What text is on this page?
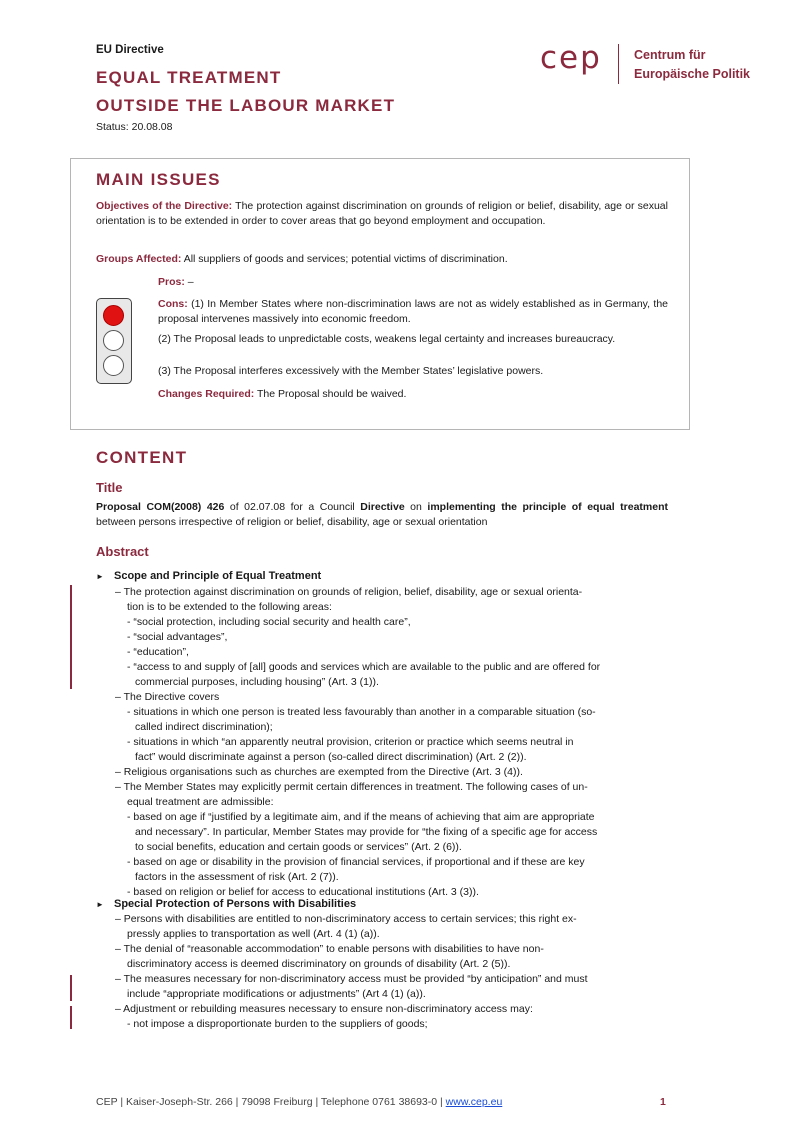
EU Directive
EQUAL TREATMENT
OUTSIDE THE LABOUR MARKET
Status: 20.08.08
cep	Centrum für
Europäische Politik
MAIN ISSUES
Objectives of the Directive: The protection against discrimination on grounds of religion or belief, disability, age or sexual orientation is to be extended in order to cover areas that go beyond employment and occupation.
Groups Affected: All suppliers of goods and services; potential victims of discrimination.
Pros: –
Cons: (1) In Member States where non-discrimination laws are not as widely established as in Germany, the proposal intervenes massively into economic freedom.
(2) The Proposal leads to unpredictable costs, weakens legal certainty and increases bureaucracy.
(3) The Proposal interferes excessively with the Member States’ legislative powers.
Changes Required: The Proposal should be waived.
CONTENT
Title
Proposal COM(2008) 426 of 02.07.08 for a Council Directive on implementing the principle of equal treatment between persons irrespective of religion or belief, disability, age or sexual orientation
Abstract
► Scope and Principle of Equal Treatment
– The protection against discrimination on grounds of religion, belief, disability, age or sexual orienta-
tion is to be extended to the following areas:
- “social protection, including social security and health care”,
- “social advantages”,
- “education”,
- “access to and supply of [all] goods and services which are available to the public and are offered for
commercial purposes, including housing” (Art. 3 (1)).
– The Directive covers
- situations in which one person is treated less favourably than another in a comparable situation (so-
called indirect discrimination);
- situations in which “an apparently neutral provision, criterion or practice which seems neutral in
fact” would discriminate against a person (so-called direct discrimination) (Art. 2 (2)).
– Religious organisations such as churches are exempted from the Directive (Art. 3 (4)).
– The Member States may explicitly permit certain differences in treatment. The following cases of un-
equal treatment are admissible:
- based on age if “justified by a legitimate aim, and if the means of achieving that aim are appropriate
and necessary”. In particular, Member States may provide for “the fixing of a specific age for access
to social benefits, education and certain goods or services” (Art. 2 (6)).
- based on age or disability in the provision of financial services, if proportional and if these are key
factors in the assessment of risk (Art. 2 (7)).
- based on religion or belief for access to educational institutions (Art. 3 (3)).
► Special Protection of Persons with Disabilities
– Persons with disabilities are entitled to non-discriminatory access to certain services; this right ex-
pressly applies to transportation as well (Art. 4 (1) (a)).
– The denial of “reasonable accommodation” to enable persons with disabilities to have non-
discriminatory access is deemed discriminatory on grounds of disability (Art. 2 (5)).
– The measures necessary for non-discriminatory access must be provided “by anticipation” and must
include “appropriate modifications or adjustments” (Art 4 (1) (a)).
– Adjustment or rebuilding measures necessary to ensure non-discriminatory access may:
- not impose a disproportionate burden to the suppliers of goods;
CEP | Kaiser-Joseph-Str. 266 | 79098 Freiburg | Telephone 0761 38693-0 | www.cep.eu	1
